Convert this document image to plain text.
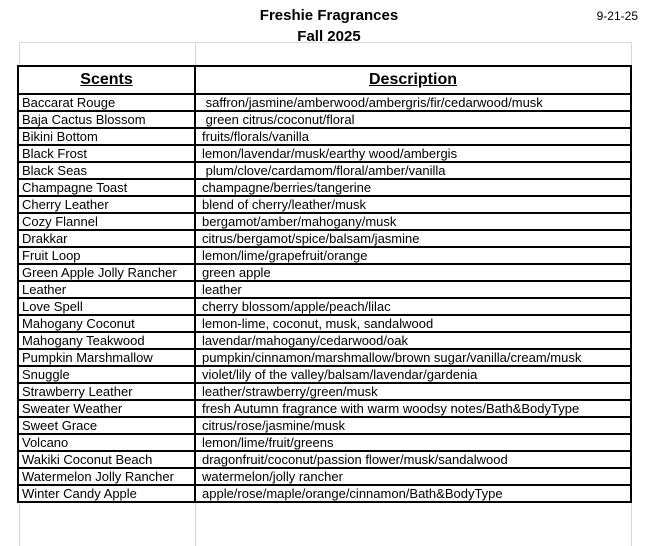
Freshie Fragrances
Fall 2025
9-21-25
Scents	Description
Baccarat Rouge	saffron/jasmine/amberwood/ambergris/fir/cedarwood/musk
Baja Cactus Blossom	green citrus/coconut/floral
Bikini Bottom	fruits/florals/vanilla
Black Frost	lemon/lavendar/musk/earthy wood/ambergis
Black Seas	plum/clove/cardamom/floral/amber/vanilla
Champagne Toast	champagne/berries/tangerine
Cherry Leather	blend of cherry/leather/musk
Cozy Flannel	bergamot/amber/mahogany/musk
Drakkar	citrus/bergamot/spice/balsam/jasmine
Fruit Loop	lemon/lime/grapefruit/orange
Green Apple Jolly Rancher	green apple
Leather	leather
Love Spell	cherry blossom/apple/peach/lilac
Mahogany Coconut	lemon-lime, coconut, musk, sandalwood
Mahogany Teakwood	lavendar/mahogany/cedarwood/oak
Pumpkin Marshmallow	pumpkin/cinnamon/marshmallow/brown sugar/vanilla/cream/musk
Snuggle	violet/lily of the valley/balsam/lavendar/gardenia
Strawberry Leather	leather/strawberry/green/musk
Sweater Weather	fresh Autumn fragrance with warm woodsy notes/Bath&BodyType
Sweet Grace	citrus/rose/jasmine/musk
Volcano	lemon/lime/fruit/greens
Wakiki Coconut Beach	dragonfruit/coconut/passion flower/musk/sandalwood
Watermelon Jolly Rancher	watermelon/jolly rancher
Winter Candy Apple	apple/rose/maple/orange/cinnamon/Bath&BodyType
